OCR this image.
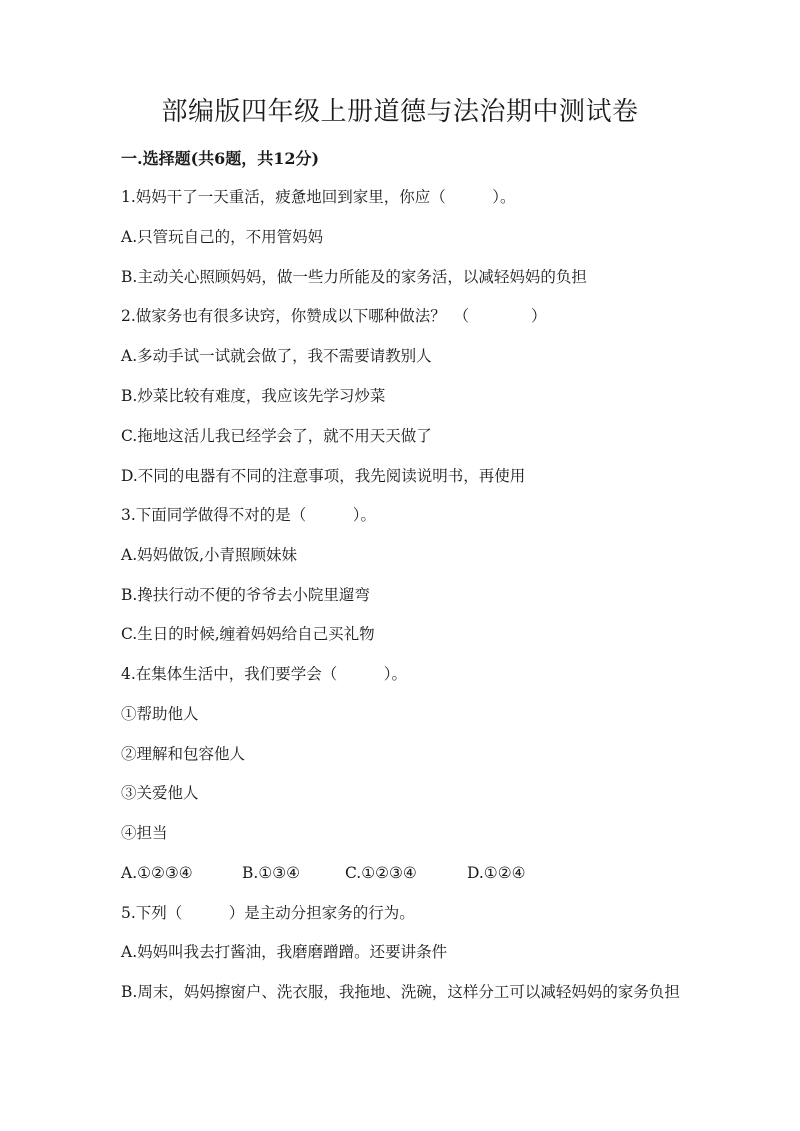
部编版四年级上册道德与法治期中测试卷
一.选择题(共6题，共12分)
1.妈妈干了一天重活，疲惫地回到家里，你应（　　　）。
A.只管玩自己的，不用管妈妈
B.主动关心照顾妈妈，做一些力所能及的家务活，以减轻妈妈的负担
2.做家务也有很多诀窍，你赞成以下哪种做法？　（　　　　）
A.多动手试一试就会做了，我不需要请教别人
B.炒菜比较有难度，我应该先学习炒菜
C.拖地这活儿我已经学会了，就不用天天做了
D.不同的电器有不同的注意事项，我先阅读说明书，再使用
3.下面同学做得不对的是（　　　）。
A.妈妈做饭,小青照顾妹妹
B.搀扶行动不便的爷爷去小院里遛弯
C.生日的时候,缠着妈妈给自己买礼物
4.在集体生活中，我们要学会（　　　）。
①帮助他人
②理解和包容他人
③关爱他人
④担当
A.①②③④	B.①③④	C.①②③④	D.①②④
5.下列（　　　）是主动分担家务的行为。
A.妈妈叫我去打酱油，我磨磨蹭蹭。还要讲条件
B.周末，妈妈擦窗户、洗衣服，我拖地、洗碗，这样分工可以减轻妈妈的家务负担
